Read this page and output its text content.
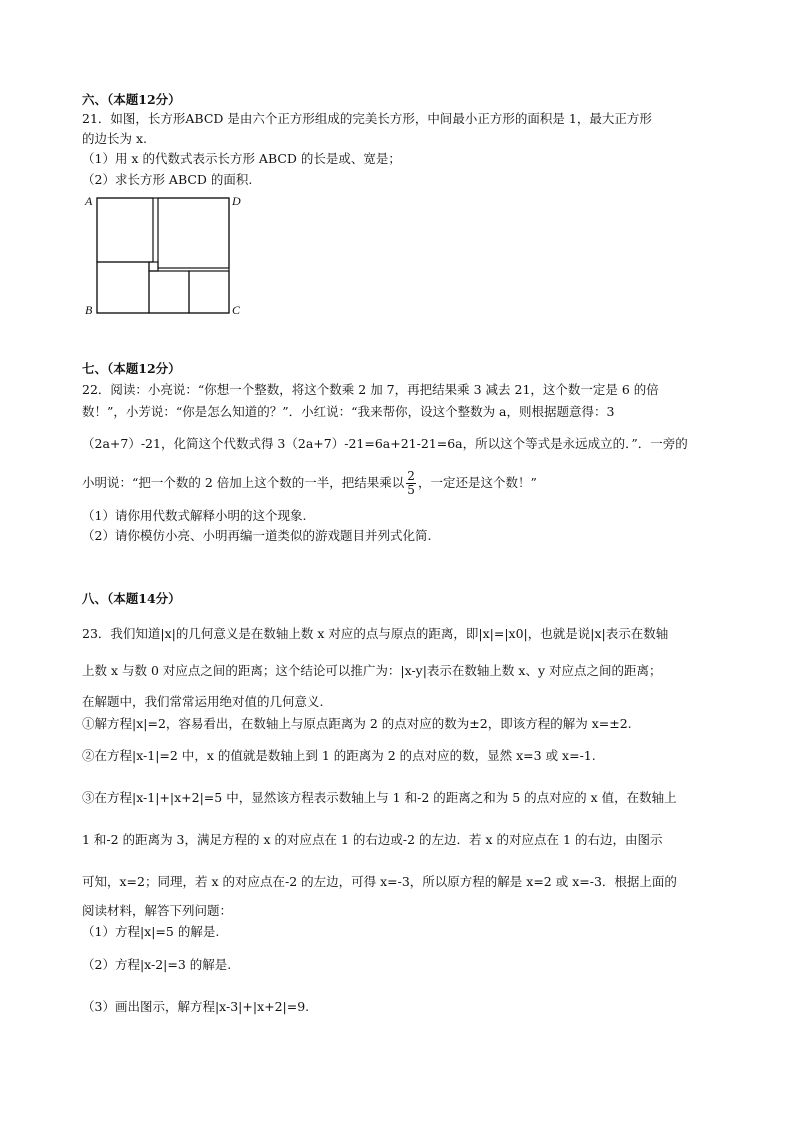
六、（本题12分）
21．如图，长方形ABCD 是由六个正方形组成的完美长方形，中间最小正方形的面积是 1，最大正方形
的边长为 x.
（1）用 x 的代数式表示长方形 ABCD 的长是或、宽是；
（2）求长方形 ABCD 的面积.
A	D
B	C
七、（本题12分）
22．阅读：小亮说：“你想一个整数，将这个数乘 2 加 7，再把结果乘 3 减去 21，这个数一定是 6 的倍
数！”，小芳说：“你是怎么知道的？”．小红说：“我来帮你，设这个整数为 a，则根据题意得：3
（2a+7）-21，化简这个代数式得 3（2a+7）-21=6a+21-21=6a，所以这个等式是永远成立的．”．一旁的
小明说：“把一个数的 2 倍加上这个数的一半，把结果乘以 $\frac{2}{5}$ ，一定还是这个数！”
（1）请你用代数式解释小明的这个现象.
（2）请你模仿小亮、小明再编一道类似的游戏题目并列式化简.
八、（本题14分）
23．我们知道|x|的几何意义是在数轴上数 x 对应的点与原点的距离，即|x|=|x0|，也就是说|x|表示在数轴
上数 x 与数 0 对应点之间的距离；这个结论可以推广为：|x-y|表示在数轴上数 x、y 对应点之间的距离；
在解题中，我们常常运用绝对值的几何意义.
①解方程|x|=2，容易看出，在数轴上与原点距离为 2 的点对应的数为±2，即该方程的解为 x=±2.
②在方程|x-1|=2 中，x 的值就是数轴上到 1 的距离为 2 的点对应的数，显然 x=3 或 x=-1.
③在方程|x-1|+|x+2|=5 中，显然该方程表示数轴上与 1 和-2 的距离之和为 5 的点对应的 x 值，在数轴上
1 和-2 的距离为 3，满足方程的 x 的对应点在 1 的右边或-2 的左边．若 x 的对应点在 1 的右边，由图示
可知，x=2；同理，若 x 的对应点在-2 的左边，可得 x=-3，所以原方程的解是 x=2 或 x=-3．根据上面的
阅读材料，解答下列问题：
（1）方程|x|=5 的解是.
（2）方程|x-2|=3 的解是.
（3）画出图示，解方程|x-3|+|x+2|=9.
